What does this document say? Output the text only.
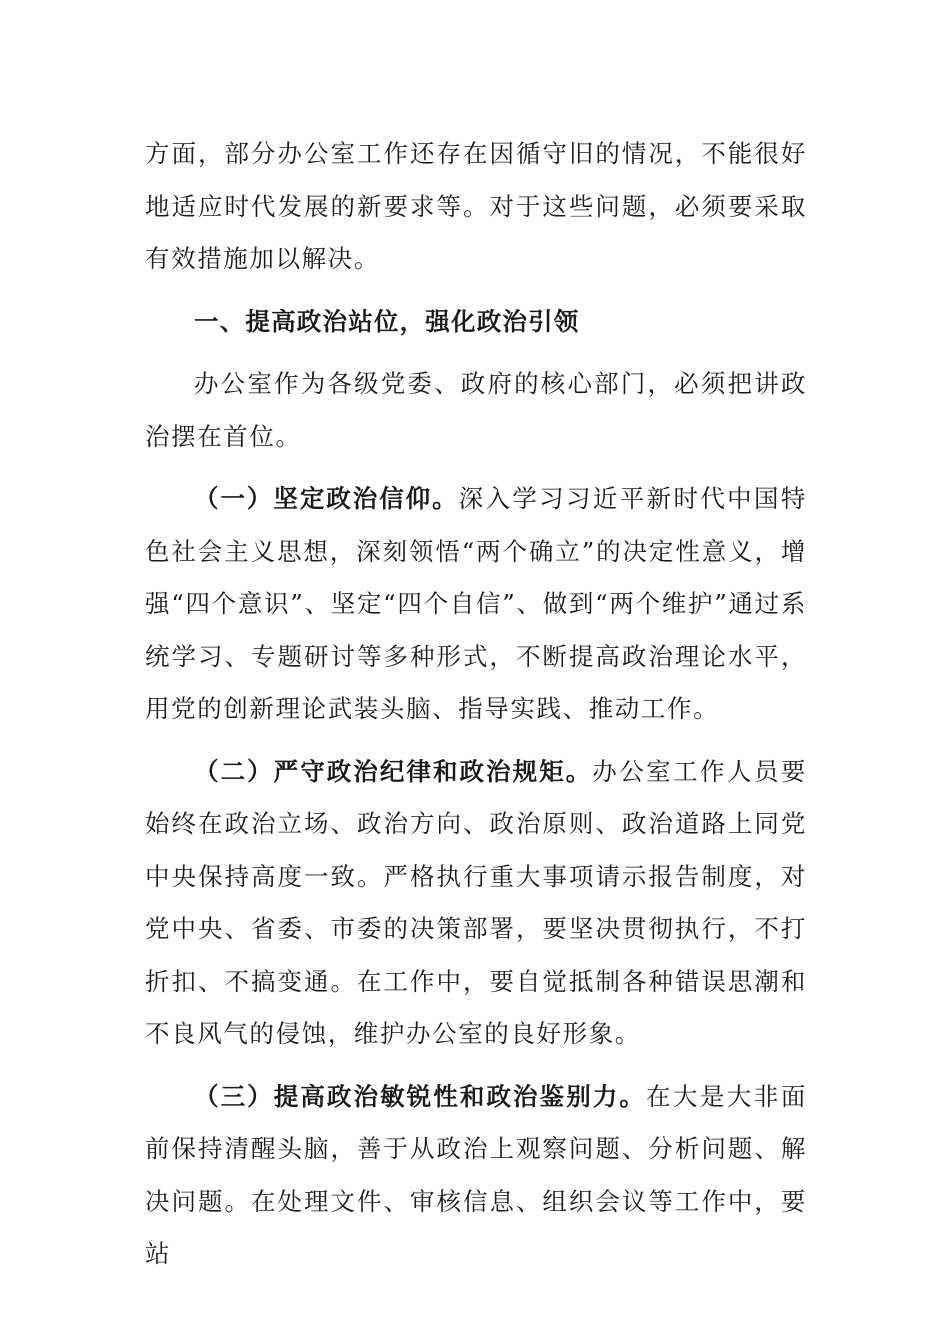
方面，部分办公室工作还存在因循守旧的情况，不能很好地适应时代发展的新要求等。对于这些问题，必须要采取有效措施加以解决。

一、提高政治站位，强化政治引领

办公室作为各级党委、政府的核心部门，必须把讲政治摆在首位。

（一）坚定政治信仰。深入学习习近平新时代中国特色社会主义思想，深刻领悟“两个确立”的决定性意义，增强“四个意识”、坚定“四个自信”、做到“两个维护”通过系统学习、专题研讨等多种形式，不断提高政治理论水平，用党的创新理论武装头脑、指导实践、推动工作。

（二）严守政治纪律和政治规矩。办公室工作人员要始终在政治立场、政治方向、政治原则、政治道路上同党中央保持高度一致。严格执行重大事项请示报告制度，对党中央、省委、市委的决策部署，要坚决贯彻执行，不打折扣、不搞变通。在工作中，要自觉抵制各种错误思潮和不良风气的侵蚀，维护办公室的良好形象。

（三）提高政治敏锐性和政治鉴别力。在大是大非面前保持清醒头脑，善于从政治上观察问题、分析问题、解决问题。在处理文件、审核信息、组织会议等工作中，要站
